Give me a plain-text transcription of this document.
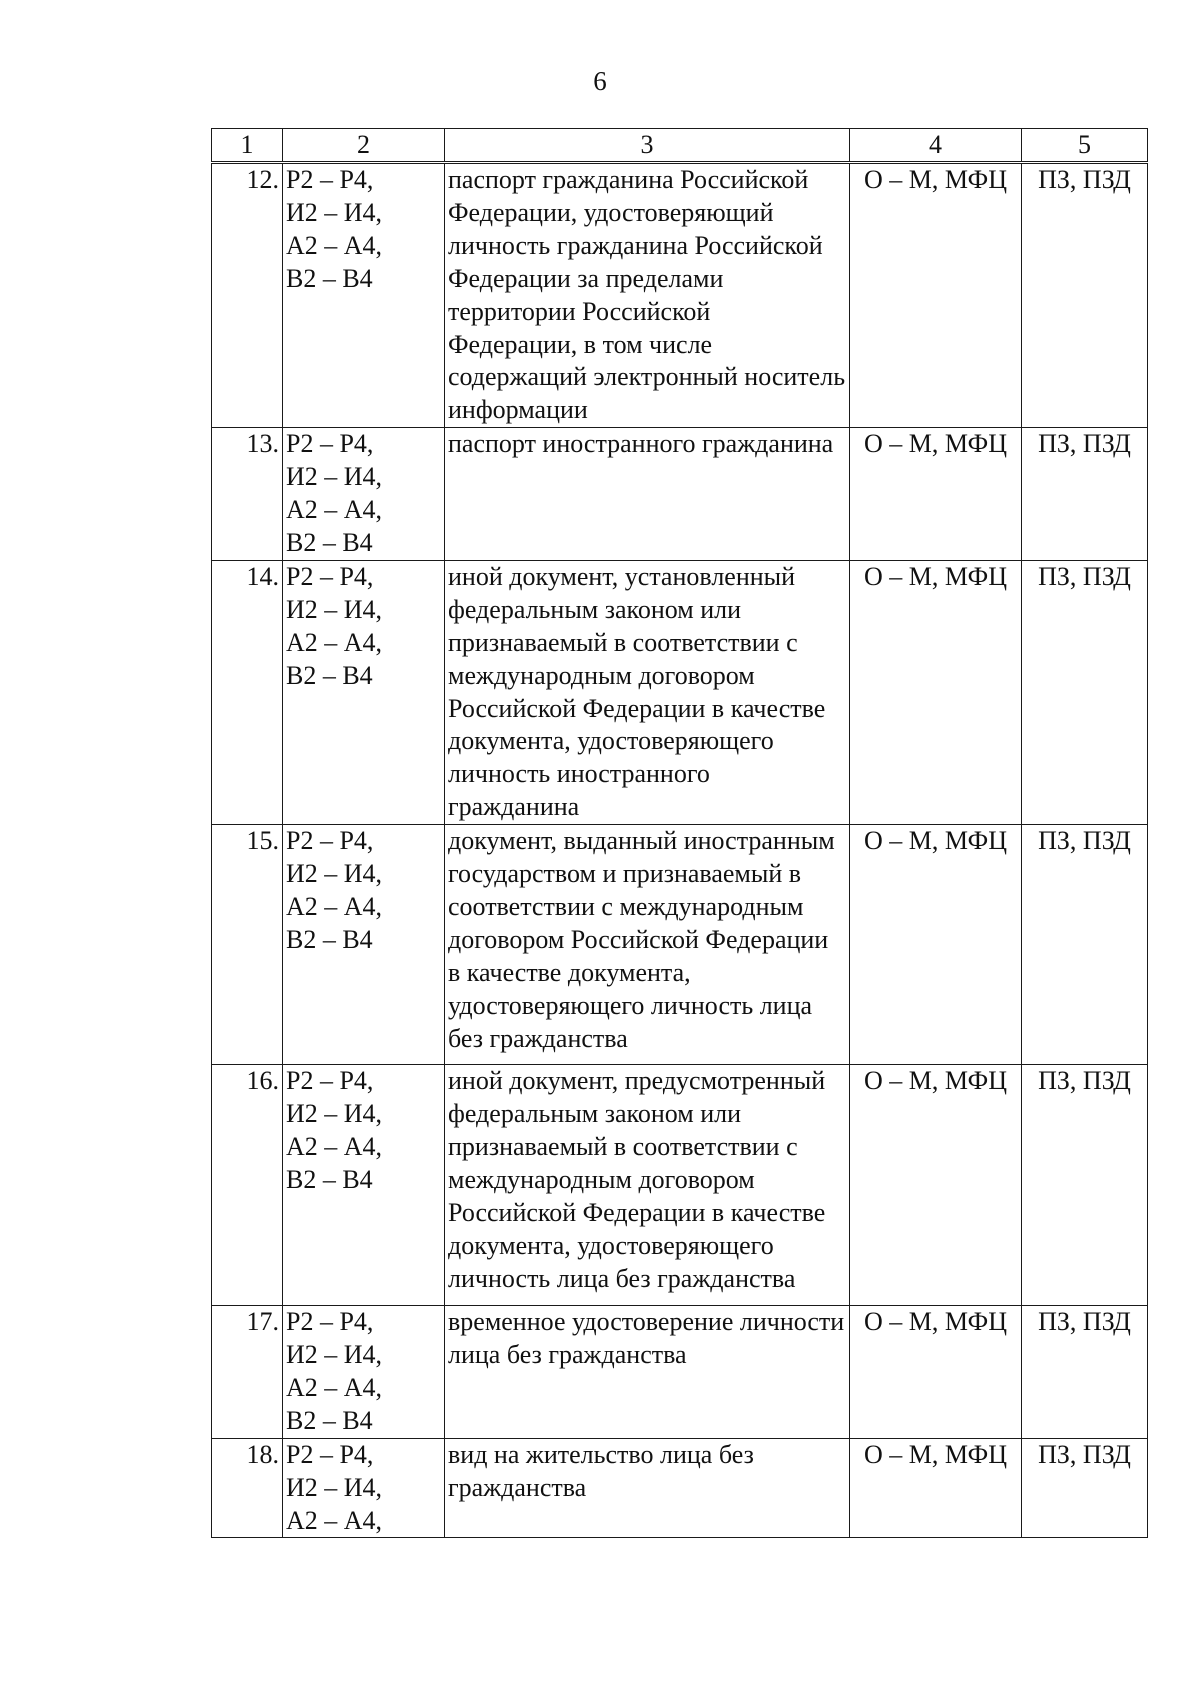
6
1	2	3	4	5
12.	Р2 – Р4,
И2 – И4,
А2 – А4,
В2 – В4	паспорт гражданина Российской Федерации, удостоверяющий личность гражданина Российской Федерации за пределами территории Российской Федерации, в том числе содержащий электронный носитель информации	О – М, МФЦ	ПЗ, ПЗД
13.	Р2 – Р4,
И2 – И4,
А2 – А4,
В2 – В4	паспорт иностранного гражданина	О – М, МФЦ	ПЗ, ПЗД
14.	Р2 – Р4,
И2 – И4,
А2 – А4,
В2 – В4	иной документ, установленный федеральным законом или признаваемый в соответствии с международным договором Российской Федерации в качестве документа, удостоверяющего личность иностранного гражданина	О – М, МФЦ	ПЗ, ПЗД
15.	Р2 – Р4,
И2 – И4,
А2 – А4,
В2 – В4	документ, выданный иностранным государством и признаваемый в соответствии с международным договором Российской Федерации в качестве документа, удостоверяющего личность лица без гражданства	О – М, МФЦ	ПЗ, ПЗД
16.	Р2 – Р4,
И2 – И4,
А2 – А4,
В2 – В4	иной документ, предусмотренный федеральным законом или признаваемый в соответствии с международным договором Российской Федерации в качестве документа, удостоверяющего личность лица без гражданства	О – М, МФЦ	ПЗ, ПЗД
17.	Р2 – Р4,
И2 – И4,
А2 – А4,
В2 – В4	временное удостоверение личности лица без гражданства	О – М, МФЦ	ПЗ, ПЗД
18.	Р2 – Р4,
И2 – И4,
А2 – А4,	вид на жительство лица без гражданства	О – М, МФЦ	ПЗ, ПЗД
